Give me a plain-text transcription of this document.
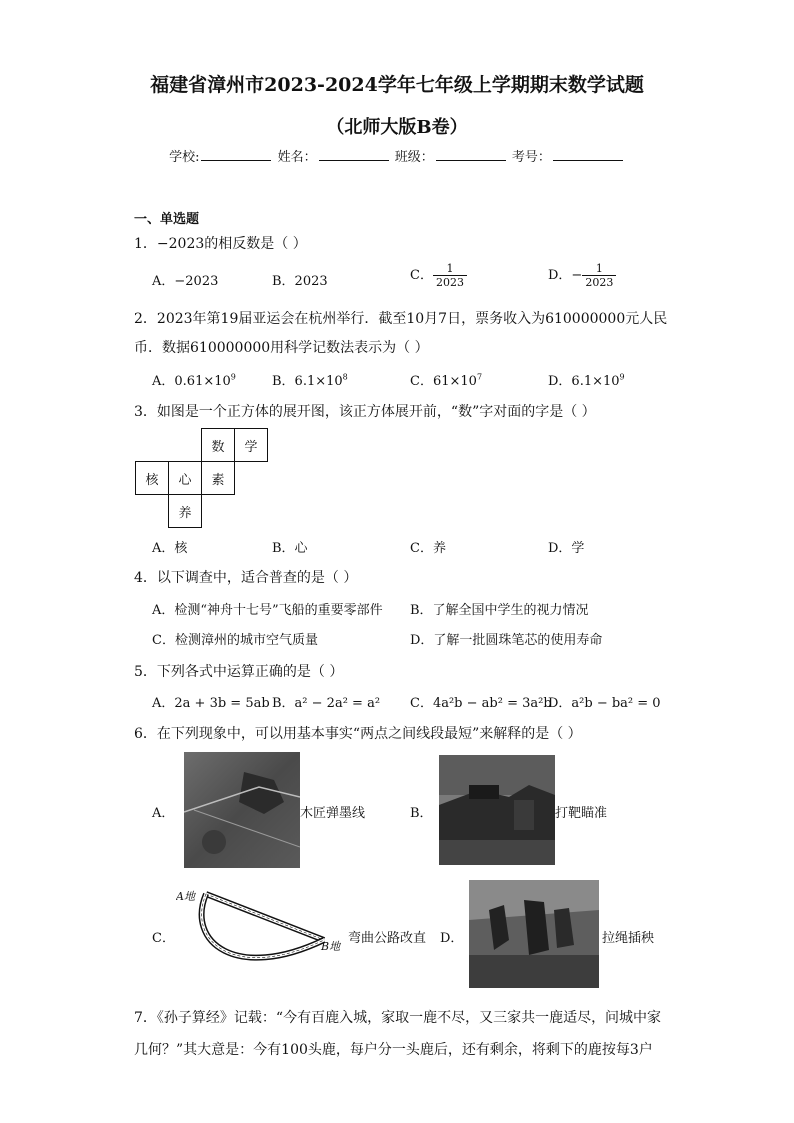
福建省漳州市2023-2024学年七年级上学期期末数学试题
（北师大版B卷）
学校:	姓名：	班级：	考号：
一、单选题
1．−2023的相反数是（ ）
A．−2023	B．2023	C． $\frac{1}{2023}$	D．− $\frac{1}{2023}$
2．2023年第19届亚运会在杭州举行．截至10月7日，票务收入为610000000元人民
币．数据610000000用科学记数法表示为（ ）
A．$0.61\times 10^9$	B．$6.1\times 10^8$	C．$61\times 10^7$	D．$6.1\times 10^9$
3．如图是一个正方体的展开图，该正方体展开前，“数”字对面的字是（ ）
		数	学
核	心	素	
	养		
A．核	B．心	C．养	D．学
4．以下调查中，适合普查的是（ ）
A．检测“神舟十七号”飞船的重要零部件 B．了解全国中学生的视力情况
C．检测漳州的城市空气质量	D．了解一批圆珠笔芯的使用寿命
5．下列各式中运算正确的是（ ）
A．2a + 3b = 5ab B．a² − 2a² = a² C．4a²b − ab² = 3a²b
D．a²b − ba² = 0
6．在下列现象中，可以用基本事实“两点之间线段最短”来解释的是（ ）
A．	木匠弹墨线	B．	打靶瞄准
C．
A地
B地
弯曲公路改直 D．	拉绳插秧
7．《孙子算经》记载：“今有百鹿入城，家取一鹿不尽，又三家共一鹿适尽，问城中家
几何？”其大意是：今有100头鹿，每户分一头鹿后，还有剩余，将剩下的鹿按每3户
